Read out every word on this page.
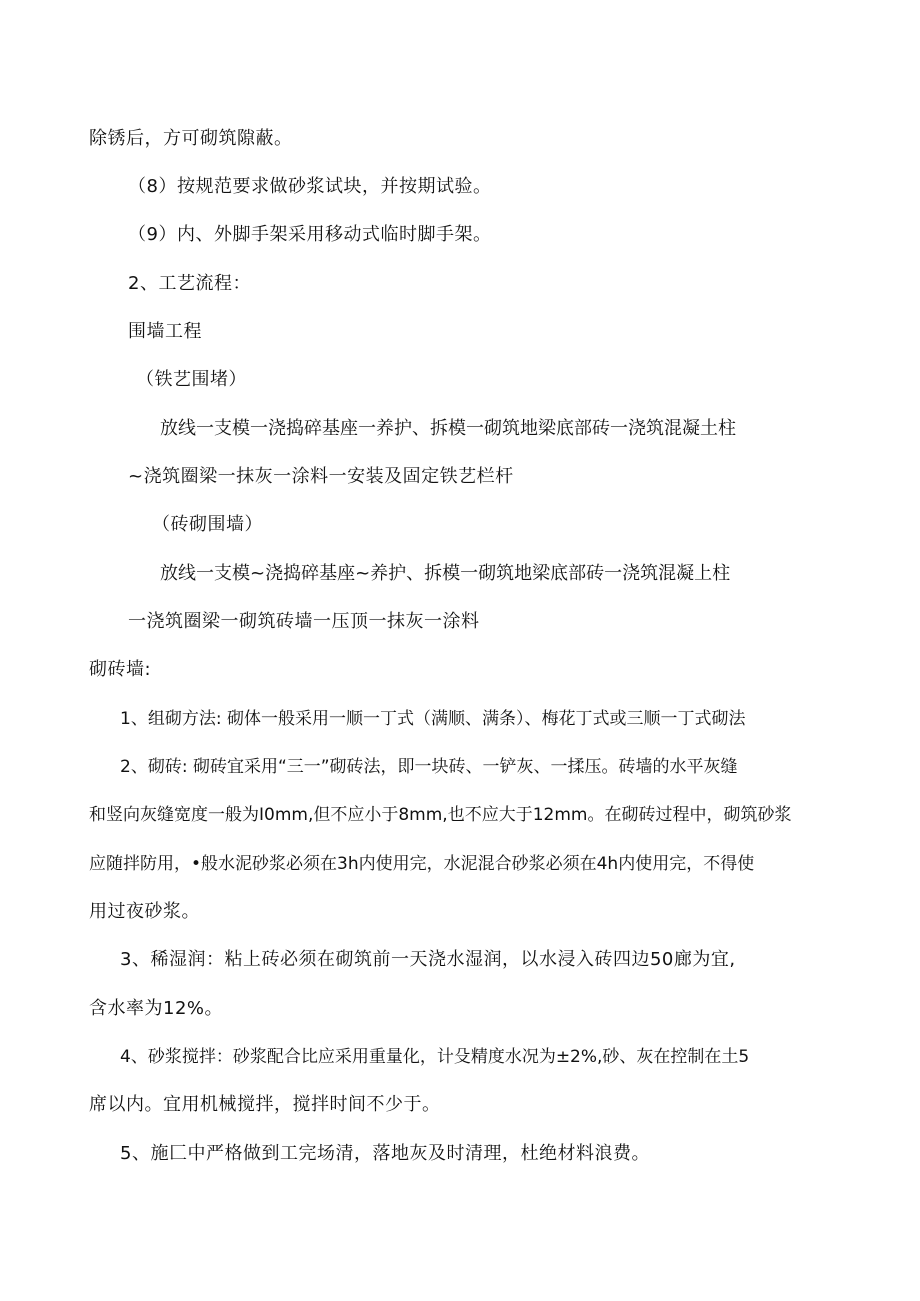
除锈后，方可砌筑隙蔽。
（8）按规范要求做砂浆试块，并按期试验。
（9）内、外脚手架采用移动式临时脚手架。
2、工艺流程：
围墙工程
（铁艺围堵）
放线一支模一浇捣碎基座一养护、拆模一砌筑地梁底部砖一浇筑混凝土柱
~浇筑圈梁一抹灰一涂料一安装及固定铁艺栏杆
（砖砌围墙）
放线一支模~浇捣碎基座~养护、拆模一砌筑地梁底部砖一浇筑混凝上柱
一浇筑圈梁一砌筑砖墙一压顶一抹灰一涂料
砌砖墙:
1、组砌方法: 砌体一般采用一顺一丁式（满顺、满条）、梅花丁式或三顺一丁式砌法
2、砌砖: 砌砖宜采用“三一”砌砖法，即一块砖、一铲灰、一揉压。砖墙的水平灰缝
和竖向灰缝宽度一般为I0mm,但不应小于8mm,也不应大于12mm。在砌砖过程中，砌筑砂浆
应随拌防用，•般水泥砂浆必须在3h内使用完，水泥混合砂浆必须在4h内使用完，不得使
用过夜砂浆。
3、稀湿润：粘上砖必须在砌筑前一天浇水湿润，以水浸入砖四边50廊为宜,
含水率为12%。
4、砂浆搅拌：砂浆配合比应采用重量化，计殳精度水况为±2%,砂、灰在控制在土5
席以内。宜用机械搅拌，搅拌时间不少于。
5、施匚中严格做到工完场清，落地灰及时清理，杜绝材料浪费。
